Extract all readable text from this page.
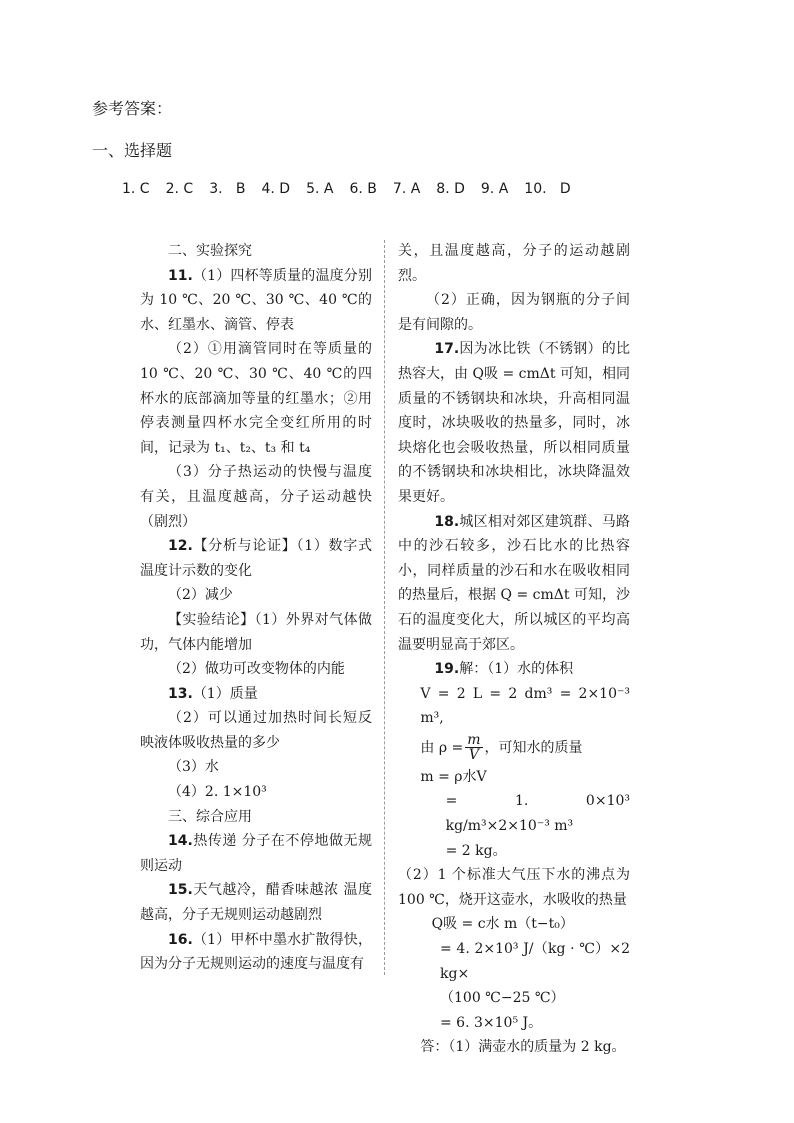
参考答案：
一、选择题
1. C 2. C 3.   B 4. D 5. A 6. B 7. A 8. D 9. A 10.   D

二、实验探究

11.（1）四杯等质量的温度分别为 10 ℃、20 ℃、30 ℃、40 ℃的水、红墨水、滴管、停表

（2）①用滴管同时在等质量的 10 ℃、20 ℃、30 ℃、40 ℃的四杯水的底部滴加等量的红墨水；②用停表测量四杯水完全变红所用的时间，记录为 t₁、t₂、t₃ 和 t₄

（3）分子热运动的快慢与温度有关，且温度越高，分子运动越快（剧烈）

12.【分析与论证】（1）数字式温度计示数的变化

（2）减少

【实验结论】（1）外界对气体做功，气体内能增加

（2）做功可改变物体的内能

13.（1）质量

（2）可以通过加热时间长短反映液体吸收热量的多少

（3）水

（4）2. 1×10³

三、综合应用

14.热传递 分子在不停地做无规则运动

15.天气越冷，醋香味越浓 温度越高，分子无规则运动越剧烈

16.（1）甲杯中墨水扩散得快，因为分子无规则运动的速度与温度有

关，且温度越高，分子的运动越剧烈。

（2）正确，因为钢瓶的分子间是有间隙的。

17.因为冰比铁（不锈钢）的比热容大，由 Q吸 = cmΔt 可知，相同质量的不锈钢块和冰块，升高相同温度时，冰块吸收的热量多，同时，冰块熔化也会吸收热量，所以相同质量的不锈钢块和冰块相比，冰块降温效果更好。

18.城区相对郊区建筑群、马路中的沙石较多，沙石比水的比热容小，同样质量的沙石和水在吸收相同的热量后，根据 Q = cmΔt 可知，沙石的温度变化大，所以城区的平均高温要明显高于郊区。

19.解：（1）水的体积

V = 2 L = 2 dm³ = 2×10⁻³ m³,

由 $\rho = \frac{m}{V}$ ，可知水的质量

m = ρ水V

= 1. 0×10³ kg/m³×2×10⁻³ m³

= 2 kg。

（2）1 个标准大气压下水的沸点为 100 ℃，烧开这壶水，水吸收的热量

Q吸 = c水 m（t−t₀）

= 4. 2×10³ J/（kg · ℃）×2 kg×

（100 ℃−25 ℃）

= 6. 3×10⁵ J。

答：（1）满壶水的质量为 2 kg。
